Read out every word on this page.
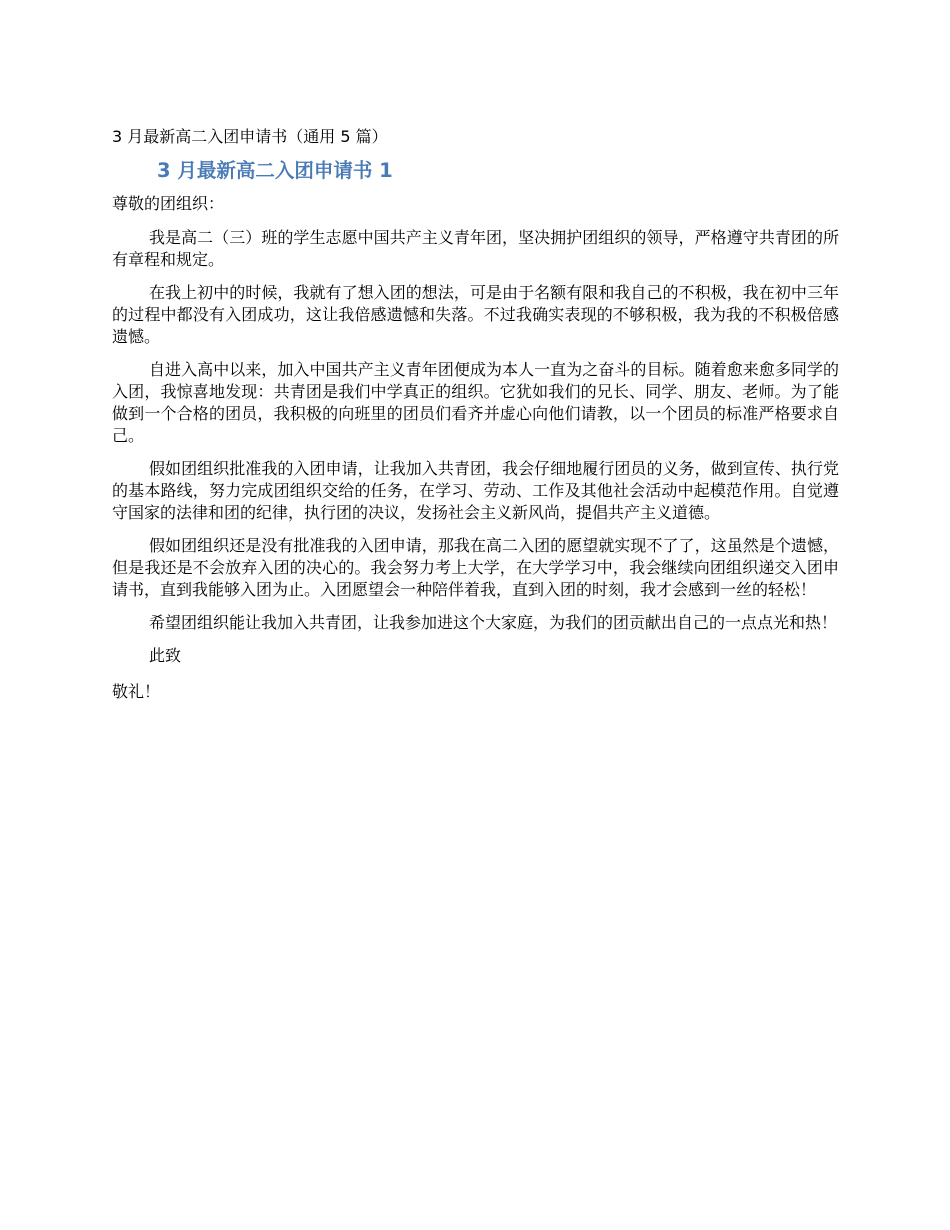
3 月最新高二入团申请书（通用 5 篇）
3 月最新高二入团申请书 1
尊敬的团组织：

我是高二（三）班的学生志愿中国共产主义青年团，坚决拥护团组织的领导，严格遵守共青团的所有章程和规定。

在我上初中的时候，我就有了想入团的想法，可是由于名额有限和我自己的不积极，我在初中三年的过程中都没有入团成功，这让我倍感遗憾和失落。不过我确实表现的不够积极，我为我的不积极倍感遗憾。

自进入高中以来，加入中国共产主义青年团便成为本人一直为之奋斗的目标。随着愈来愈多同学的入团，我惊喜地发现：共青团是我们中学真正的组织。它犹如我们的兄长、同学、朋友、老师。为了能做到一个合格的团员，我积极的向班里的团员们看齐并虚心向他们请教，以一个团员的标准严格要求自己。

假如团组织批准我的入团申请，让我加入共青团，我会仔细地履行团员的义务，做到宣传、执行党的基本路线，努力完成团组织交给的任务，在学习、劳动、工作及其他社会活动中起模范作用。自觉遵守国家的法律和团的纪律，执行团的决议，发扬社会主义新风尚，提倡共产主义道德。

假如团组织还是没有批准我的入团申请，那我在高二入团的愿望就实现不了了，这虽然是个遗憾，但是我还是不会放弃入团的决心的。我会努力考上大学，在大学学习中，我会继续向团组织递交入团申请书，直到我能够入团为止。入团愿望会一种陪伴着我，直到入团的时刻，我才会感到一丝的轻松！

希望团组织能让我加入共青团，让我参加进这个大家庭，为我们的团贡献出自己的一点点光和热！

此致
敬礼！
